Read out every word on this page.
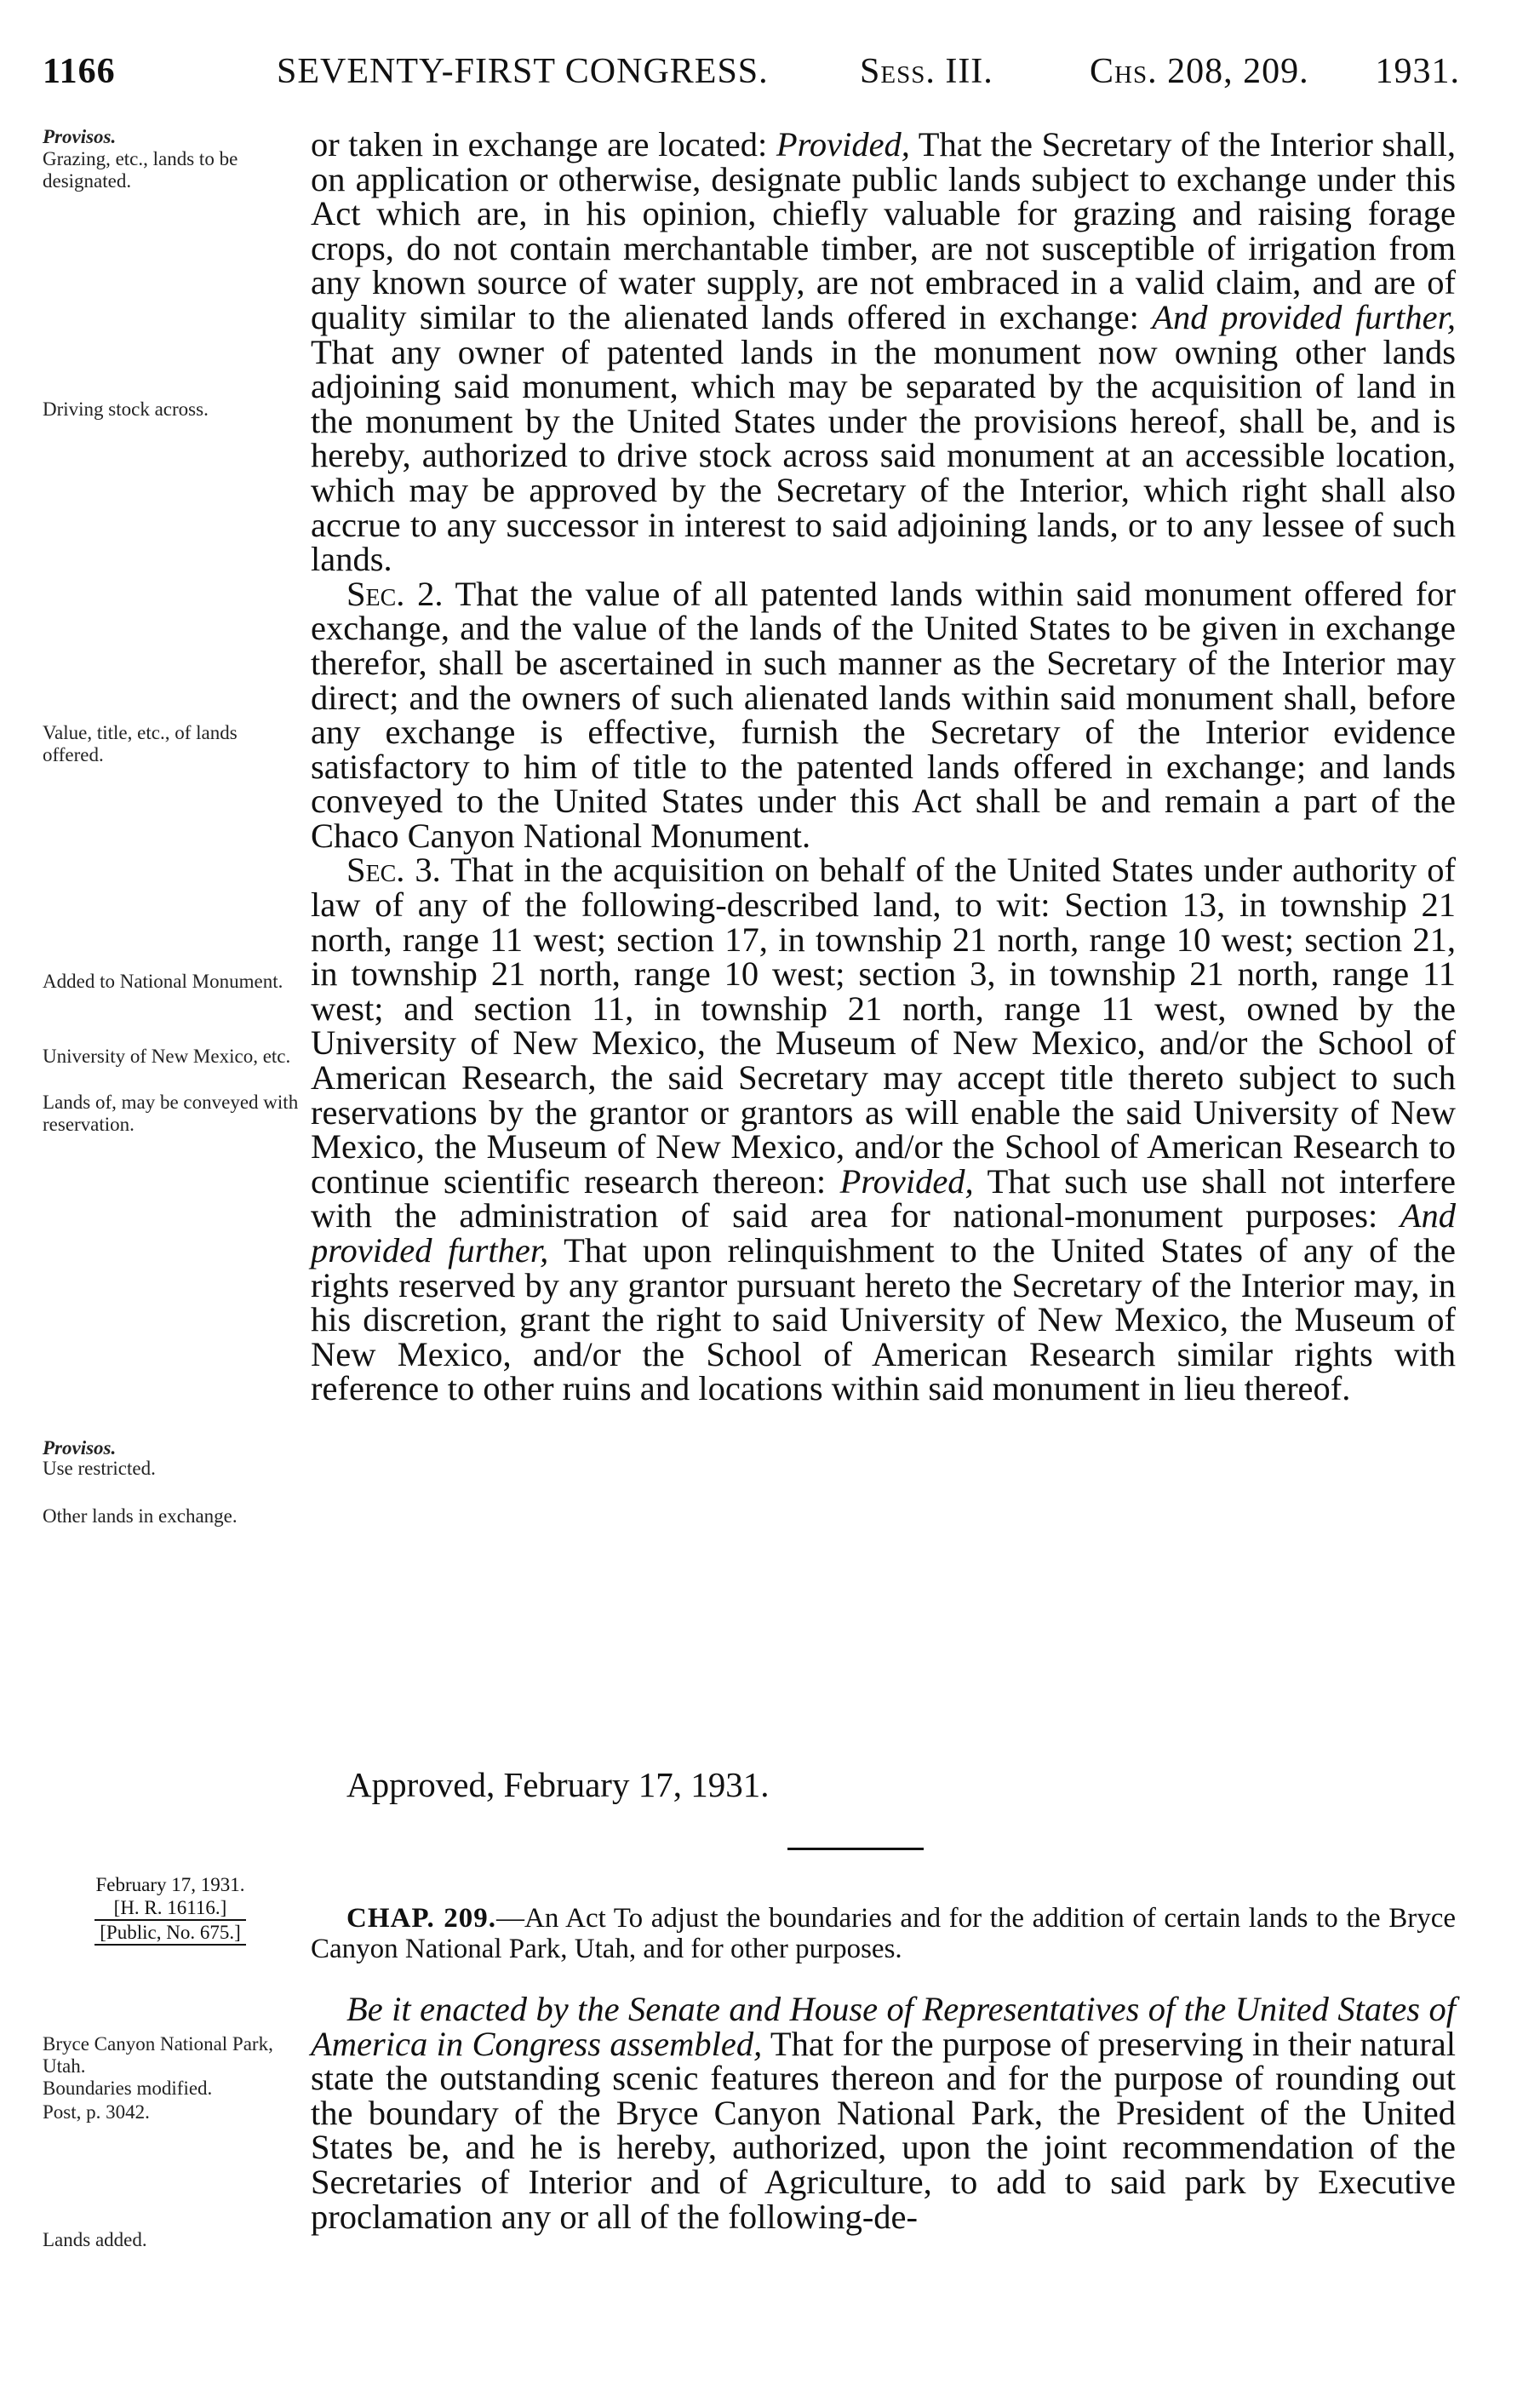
1166	SEVENTY-FIRST CONGRESS.	Sess. III.	Chs. 208, 209. 1931.
Provisos.
Grazing, etc., lands to be designated.
Driving stock across.
Value, title, etc., of lands offered.
Added to National Monument.
University of New Mexico, etc.
Lands of, may be conveyed with reservation.
Provisos.
Use restricted.
Other lands in exchange.
February 17, 1931.
[H. R. 16116.]
[Public, No. 675.]
Bryce Canyon National Park, Utah.
Boundaries modified.
Post, p. 3042.
Lands added.

or taken in exchange are located: Provided, That the Secretary of the Interior shall, on application or otherwise, designate public lands subject to exchange under this Act which are, in his opinion, chiefly valuable for grazing and raising forage crops, do not contain merchantable timber, are not susceptible of irrigation from any known source of water supply, are not embraced in a valid claim, and are of quality similar to the alienated lands offered in exchange: And provided further, That any owner of patented lands in the monument now owning other lands adjoining said monument, which may be separated by the acquisition of land in the monument by the United States under the provisions hereof, shall be, and is hereby, authorized to drive stock across said monument at an accessible location, which may be approved by the Secretary of the Interior, which right shall also accrue to any successor in interest to said adjoining lands, or to any lessee of such lands.

Sec. 2. That the value of all patented lands within said monument offered for exchange, and the value of the lands of the United States to be given in exchange therefor, shall be ascertained in such manner as the Secretary of the Interior may direct; and the owners of such alienated lands within said monument shall, before any exchange is effective, furnish the Secretary of the Interior evidence satisfactory to him of title to the patented lands offered in exchange; and lands conveyed to the United States under this Act shall be and remain a part of the Chaco Canyon National Monument.

Sec. 3. That in the acquisition on behalf of the United States under authority of law of any of the following-described land, to wit: Section 13, in township 21 north, range 11 west; section 17, in township 21 north, range 10 west; section 21, in township 21 north, range 10 west; section 3, in township 21 north, range 11 west; and section 11, in township 21 north, range 11 west, owned by the University of New Mexico, the Museum of New Mexico, and/or the School of American Research, the said Secretary may accept title thereto subject to such reservations by the grantor or grantors as will enable the said University of New Mexico, the Museum of New Mexico, and/or the School of American Research to continue scientific research thereon: Provided, That such use shall not interfere with the administration of said area for national-monument purposes: And provided further, That upon relinquishment to the United States of any of the rights reserved by any grantor pursuant hereto the Secretary of the Interior may, in his discretion, grant the right to said University of New Mexico, the Museum of New Mexico, and/or the School of American Research similar rights with reference to other ruins and locations within said monument in lieu thereof.

Approved, February 17, 1931.
CHAP. 209.—An Act To adjust the boundaries and for the addition of certain lands to the Bryce Canyon National Park, Utah, and for other purposes.

Be it enacted by the Senate and House of Representatives of the United States of America in Congress assembled, That for the purpose of preserving in their natural state the outstanding scenic features thereon and for the purpose of rounding out the boundary of the Bryce Canyon National Park, the President of the United States be, and he is hereby, authorized, upon the joint recommendation of the Secretaries of Interior and of Agriculture, to add to said park by Executive proclamation any or all of the following-de-
